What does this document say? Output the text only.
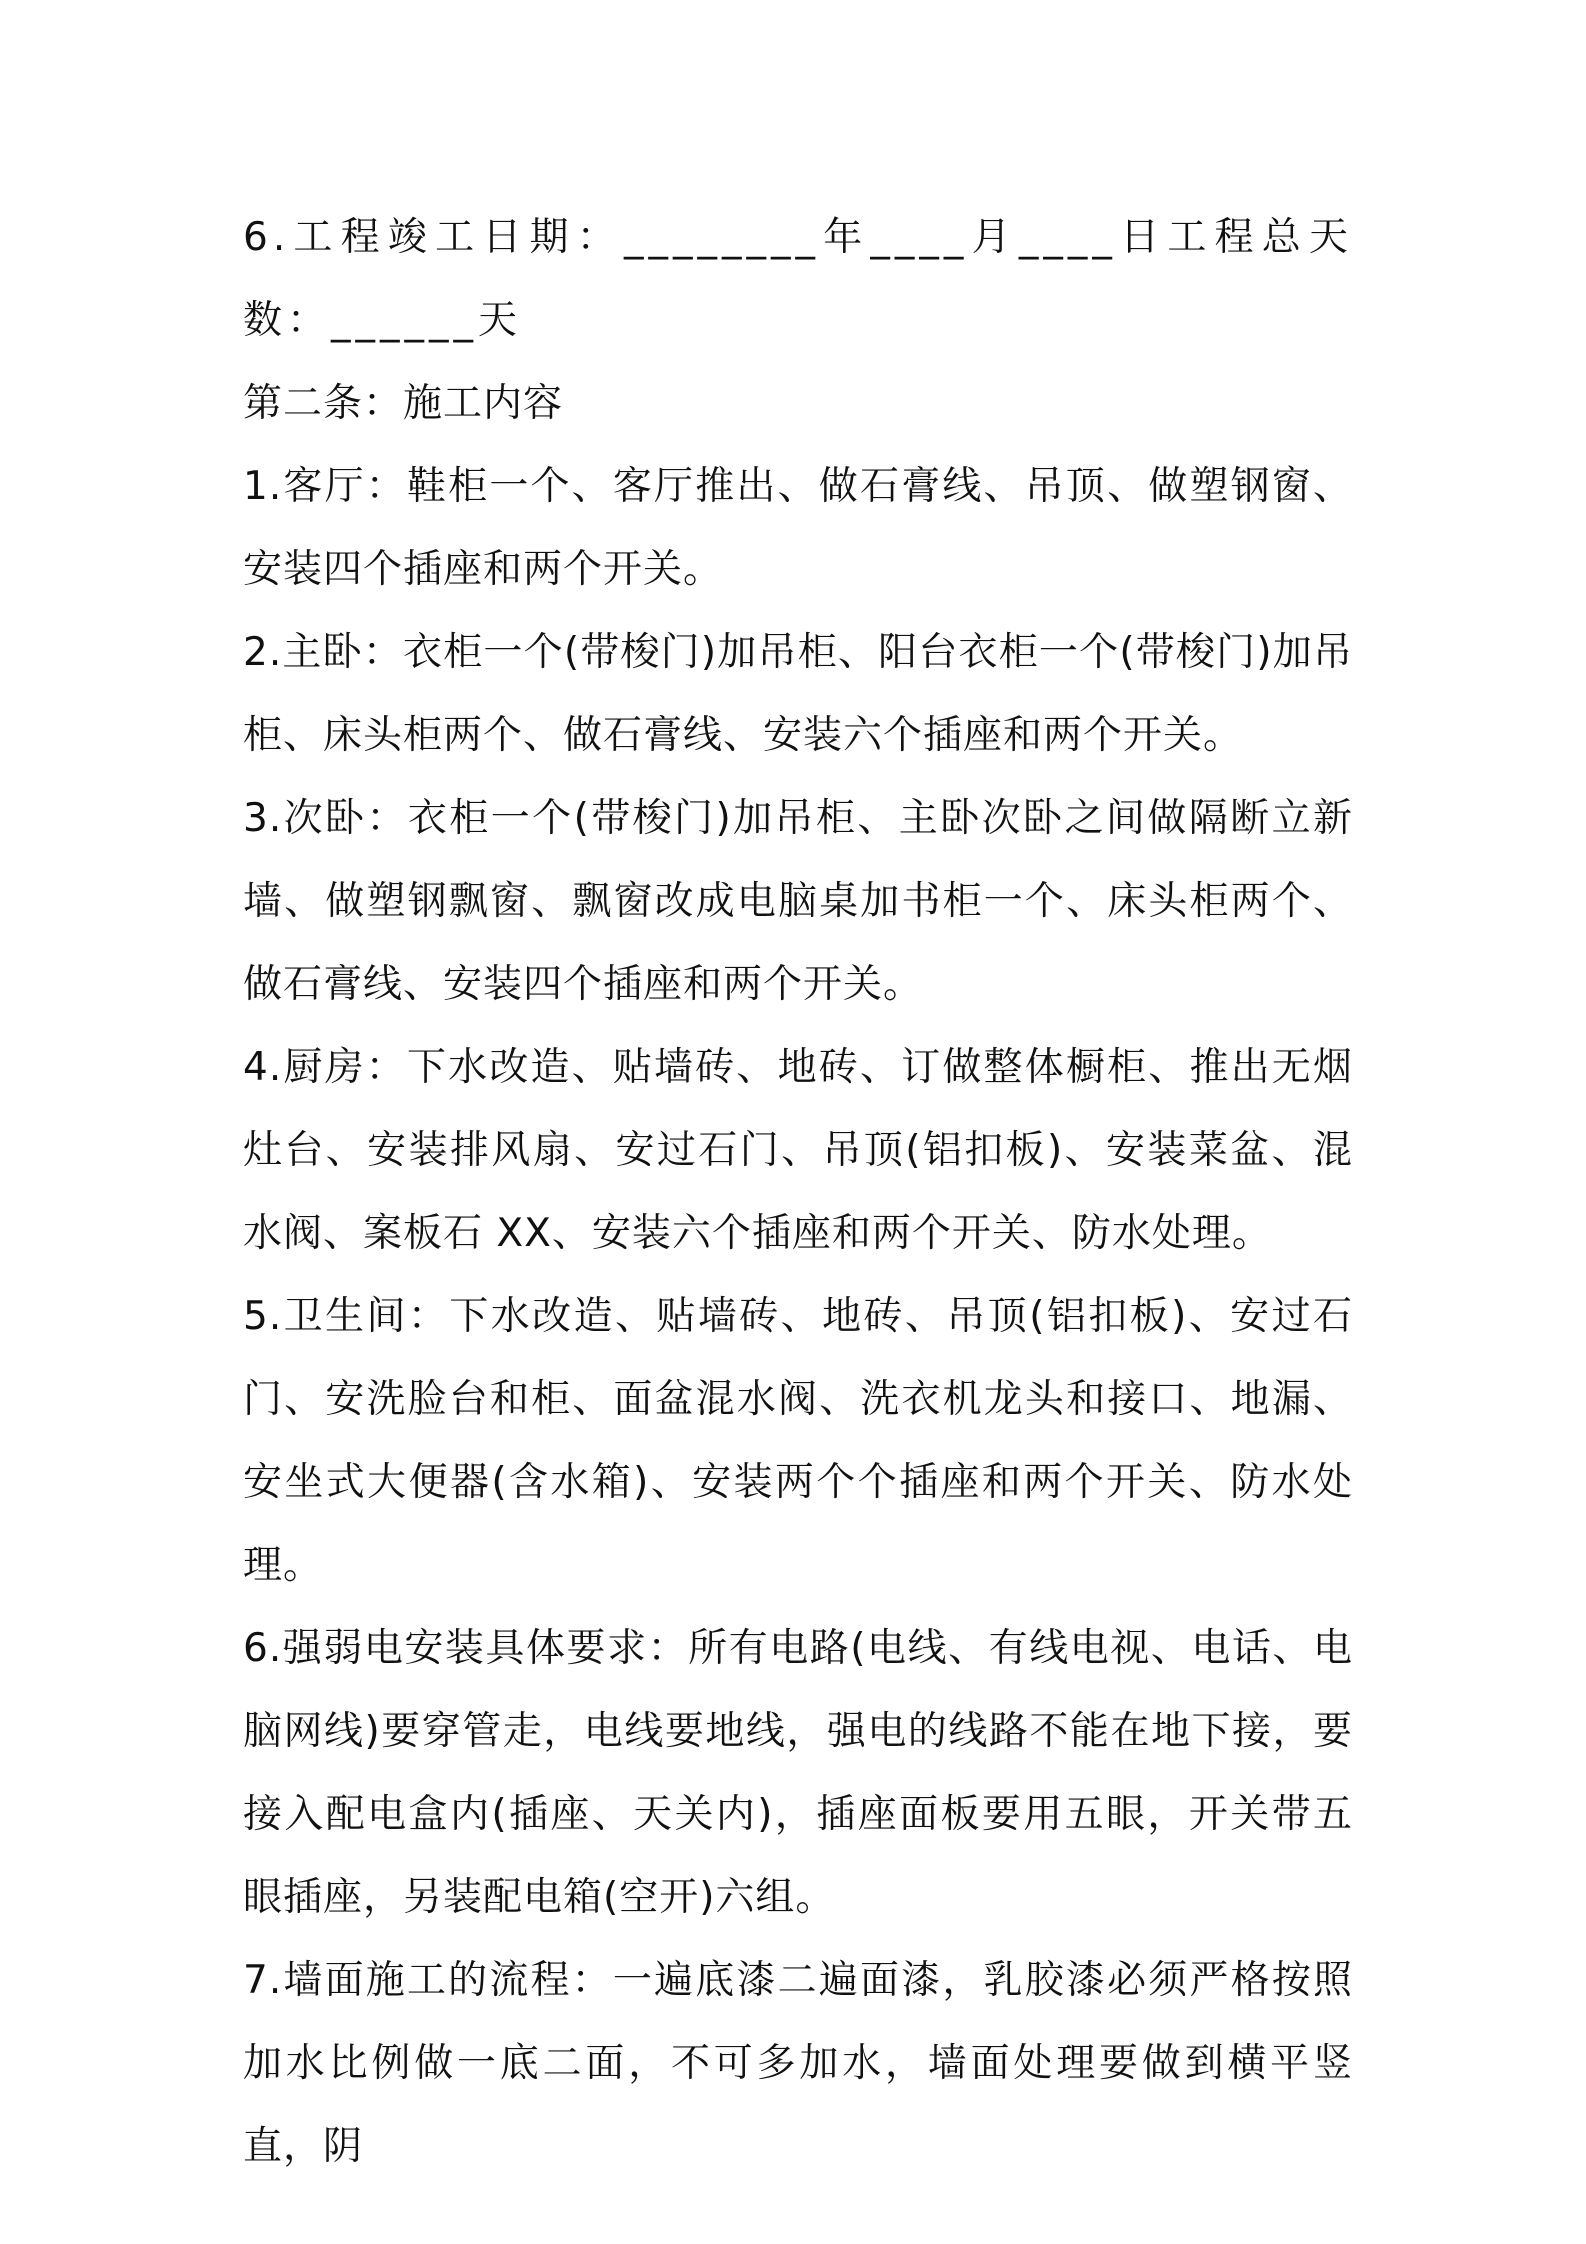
6.工程竣工日期：________年____月____日工程总天数：______天

第二条：施工内容

1.客厅：鞋柜一个、客厅推出、做石膏线、吊顶、做塑钢窗、安装四个插座和两个开关。

2.主卧：衣柜一个(带梭门)加吊柜、阳台衣柜一个(带梭门)加吊柜、床头柜两个、做石膏线、安装六个插座和两个开关。

3.次卧：衣柜一个(带梭门)加吊柜、主卧次卧之间做隔断立新墙、做塑钢飘窗、飘窗改成电脑桌加书柜一个、床头柜两个、做石膏线、安装四个插座和两个开关。

4.厨房：下水改造、贴墙砖、地砖、订做整体橱柜、推出无烟灶台、安装排风扇、安过石门、吊顶(铝扣板)、安装菜盆、混水阀、案板石 XX、安装六个插座和两个开关、防水处理。

5.卫生间：下水改造、贴墙砖、地砖、吊顶(铝扣板)、安过石门、安洗脸台和柜、面盆混水阀、洗衣机龙头和接口、地漏、安坐式大便器(含水箱)、安装两个个插座和两个开关、防水处理。

6.强弱电安装具体要求：所有电路(电线、有线电视、电话、电脑网线)要穿管走，电线要地线，强电的线路不能在地下接，要接入配电盒内(插座、天关内)，插座面板要用五眼，开关带五眼插座，另装配电箱(空开)六组。

7.墙面施工的流程：一遍底漆二遍面漆，乳胶漆必须严格按照加水比例做一底二面，不可多加水，墙面处理要做到横平竖直，阴
